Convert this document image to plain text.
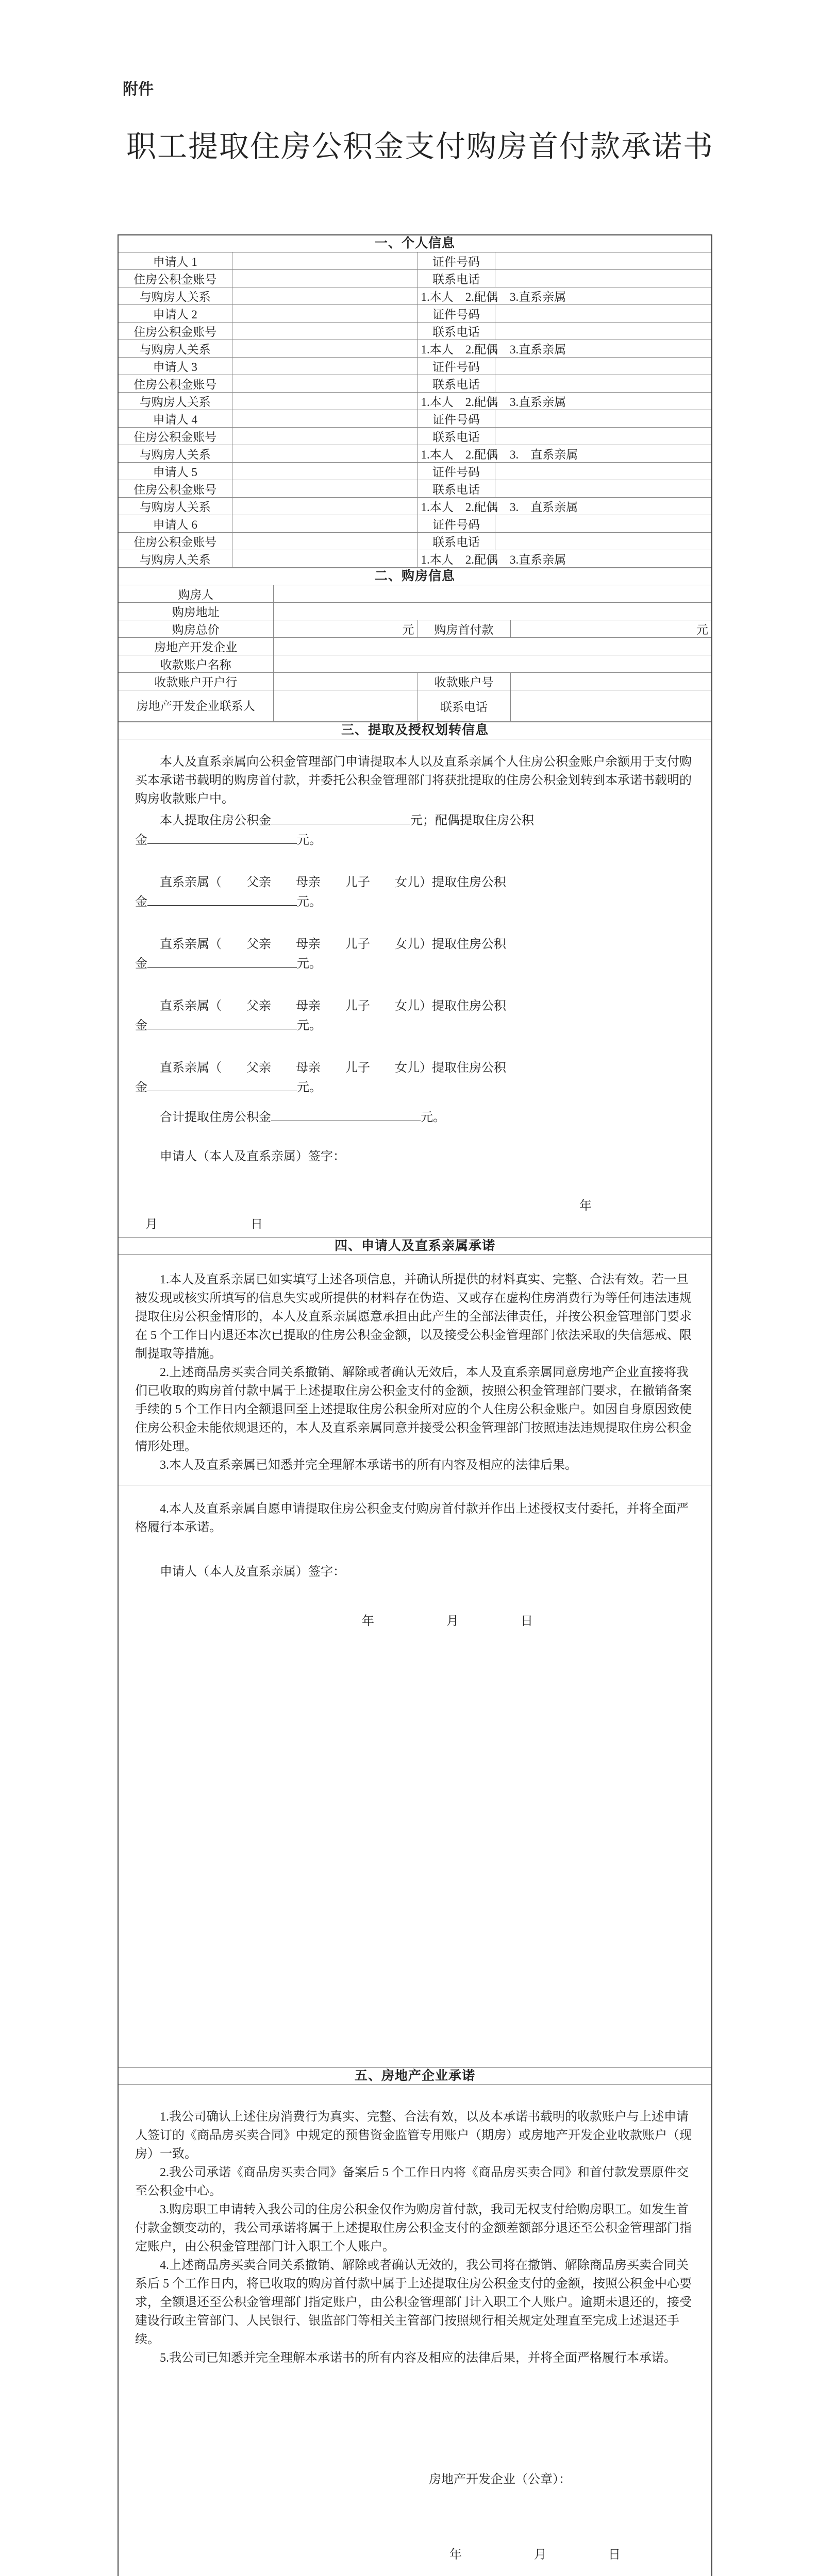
附件
职工提取住房公积金支付购房首付款承诺书
一、个人信息
申请人 1		证件号码	
住房公积金账号		联系电话	
与购房人关系		1.本人　2.配偶　3.直系亲属	
申请人 2		证件号码	
住房公积金账号		联系电话	
与购房人关系		1.本人　2.配偶　3.直系亲属	
申请人 3		证件号码	
住房公积金账号		联系电话	
与购房人关系		1.本人　2.配偶　3.直系亲属	
申请人 4		证件号码	
住房公积金账号		联系电话	
与购房人关系		1.本人　2.配偶　3.　直系亲属	
申请人 5		证件号码	
住房公积金账号		联系电话	
与购房人关系		1.本人　2.配偶　3.　直系亲属	
申请人 6		证件号码	
住房公积金账号		联系电话	
与购房人关系		1.本人　2.配偶　3.直系亲属	
二、购房信息
购房人			
购房地址			
购房总价	元	购房首付款	元
房地产开发企业			
收款账户名称			
收款账户开户行		收款账户号	
房地产开发企业联系人		联系电话	
三、提取及授权划转信息

本人及直系亲属向公积金管理部门申请提取本人以及直系亲属个人住房公积金账户余额用于支付购买本承诺书载明的购房首付款，并委托公积金管理部门将获批提取的住房公积金划转到本承诺书载明的购房收款账户中。

本人提取住房公积金	元；配偶提取住房公积

金	元。

直系亲属（　　父亲　　母亲　　儿子　　女儿）提取住房公积

金	元。

直系亲属（　　父亲　　母亲　　儿子　　女儿）提取住房公积

金	元。

直系亲属（　　父亲　　母亲　　儿子　　女儿）提取住房公积

金	元。

直系亲属（　　父亲　　母亲　　儿子　　女儿）提取住房公积

金	元。

合计提取住房公积金	元。

申请人（本人及直系亲属）签字：

年

月	日

四、申请人及直系亲属承诺

1.本人及直系亲属已如实填写上述各项信息，并确认所提供的材料真实、完整、合法有效。若一旦被发现或核实所填写的信息失实或所提供的材料存在伪造、又或存在虚构住房消费行为等任何违法违规提取住房公积金情形的，本人及直系亲属愿意承担由此产生的全部法律责任，并按公积金管理部门要求在 5 个工作日内退还本次已提取的住房公积金金额，以及接受公积金管理部门依法采取的失信惩戒、限制提取等措施。

2.上述商品房买卖合同关系撤销、解除或者确认无效后，本人及直系亲属同意房地产企业直接将我们已收取的购房首付款中属于上述提取住房公积金支付的金额，按照公积金管理部门要求，在撤销备案手续的 5 个工作日内全额退回至上述提取住房公积金所对应的个人住房公积金账户。如因自身原因致使住房公积金未能依规退还的，本人及直系亲属同意并接受公积金管理部门按照违法违规提取住房公积金情形处理。

3.本人及直系亲属已知悉并完全理解本承诺书的所有内容及相应的法律后果。

4.本人及直系亲属自愿申请提取住房公积金支付购房首付款并作出上述授权支付委托，并将全面严格履行本承诺。

申请人（本人及直系亲属）签字：

年	月	日

五、房地产企业承诺

1.我公司确认上述住房消费行为真实、完整、合法有效，以及本承诺书载明的收款账户与上述申请人签订的《商品房买卖合同》中规定的预售资金监管专用账户（期房）或房地产开发企业收款账户（现房）一致。

2.我公司承诺《商品房买卖合同》备案后 5 个工作日内将《商品房买卖合同》和首付款发票原件交至公积金中心。

3.购房职工申请转入我公司的住房公积金仅作为购房首付款，我司无权支付给购房职工。如发生首付款金额变动的，我公司承诺将属于上述提取住房公积金支付的金额差额部分退还至公积金管理部门指定账户，由公积金管理部门计入职工个人账户。

4.上述商品房买卖合同关系撤销、解除或者确认无效的，我公司将在撤销、解除商品房买卖合同关系后 5 个工作日内，将已收取的购房首付款中属于上述提取住房公积金支付的金额，按照公积金中心要求，全额退还至公积金管理部门指定账户，由公积金管理部门计入职工个人账户。逾期未退还的，接受建设行政主管部门、人民银行、银监部门等相关主管部门按照规行相关规定处理直至完成上述退还手续。

5.我公司已知悉并完全理解本承诺书的所有内容及相应的法律后果，并将全面严格履行本承诺。

房地产开发企业（公章）：

年	月	日
